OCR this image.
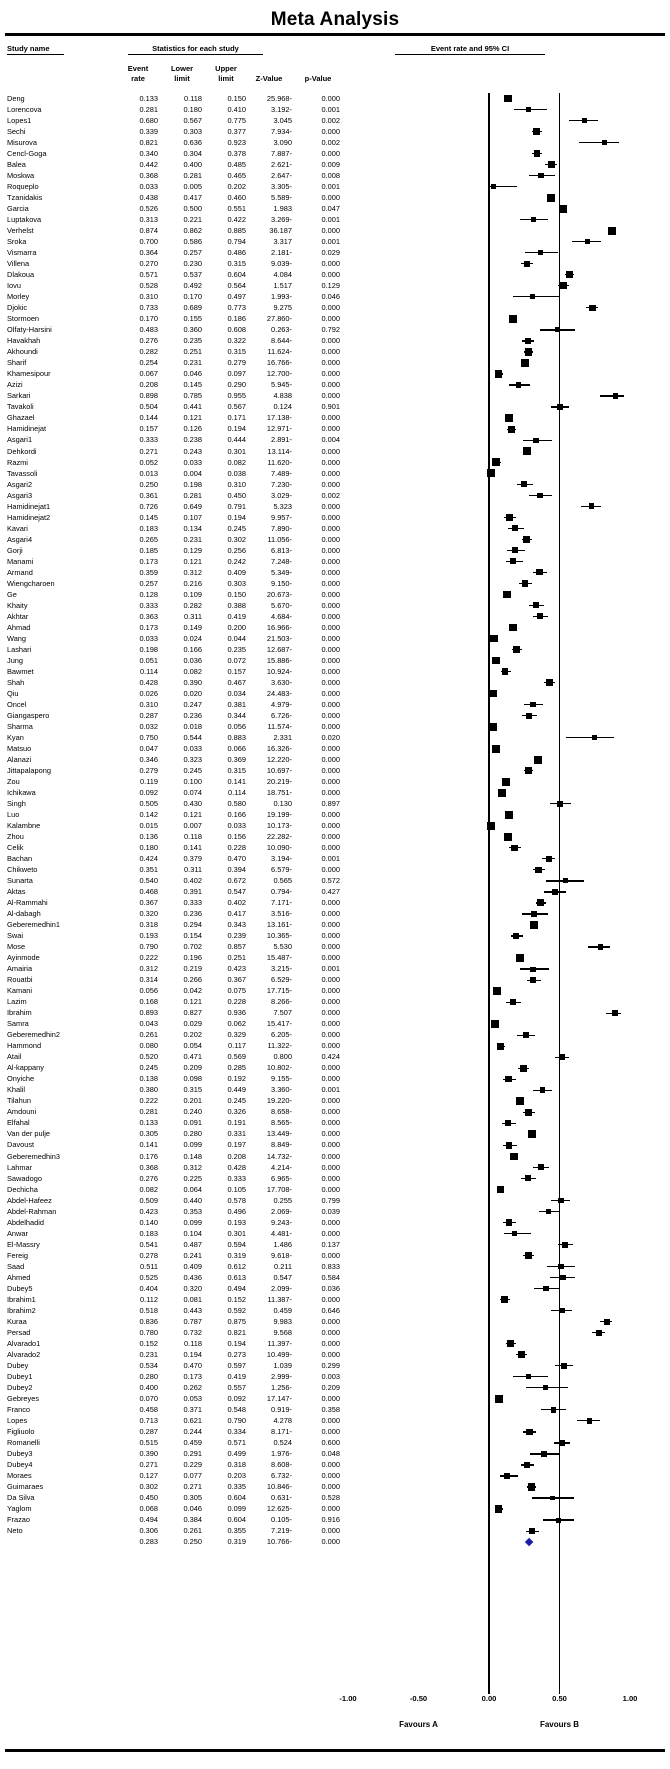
Meta Analysis
Study name	Statistics for each study	Event rate and 95% CI
Event
rate
Lower
limit
Upper
limit	Z-Value	p-Value
Deng	0.133	0.118	0.150	25.968-	0.000
Lorencova	0.281	0.180	0.410	3.192-	0.001
Lopes1	0.680	0.567	0.775	3.045	0.002
Sechi	0.339	0.303	0.377	7.934-	0.000
Misurova	0.821	0.636	0.923	3.090	0.002
Cencl-Goga	0.340	0.304	0.378	7.887-	0.000
Balea	0.442	0.400	0.485	2.621-	0.009
Moskwa	0.368	0.281	0.465	2.647-	0.008
Roqueplo	0.033	0.005	0.202	3.305-	0.001
Tzanidakis	0.438	0.417	0.460	5.589-	0.000
Garcia	0.526	0.500	0.551	1.983	0.047
Luptakova	0.313	0.221	0.422	3.269-	0.001
Verhelst	0.874	0.862	0.885	36.187	0.000
Sroka	0.700	0.586	0.794	3.317	0.001
Vismarra	0.364	0.257	0.486	2.181-	0.029
Villena	0.270	0.230	0.315	9.039-	0.000
Dlakoua	0.571	0.537	0.604	4.084	0.000
Iovu	0.528	0.492	0.564	1.517	0.129
Morley	0.310	0.170	0.497	1.993-	0.046
Djokic	0.733	0.689	0.773	9.275	0.000
Stormoen	0.170	0.155	0.186	27.860-	0.000
Olfaty-Harsini	0.483	0.360	0.608	0.263-	0.792
Havakhah	0.276	0.235	0.322	8.644-	0.000
Akhoundi	0.282	0.251	0.315	11.624-	0.000
Sharif	0.254	0.231	0.279	16.766-	0.000
Khamesipour	0.067	0.046	0.097	12.700-	0.000
Azizi	0.208	0.145	0.290	5.945-	0.000
Sarkari	0.898	0.785	0.955	4.838	0.000
Tavakoli	0.504	0.441	0.567	0.124	0.901
Ghazael	0.144	0.121	0.171	17.138-	0.000
Hamidinejat	0.157	0.126	0.194	12.971-	0.000
Asgari1	0.333	0.238	0.444	2.891-	0.004
Dehkordi	0.271	0.243	0.301	13.114-	0.000
Razmi	0.052	0.033	0.082	11.620-	0.000
Tavassoli	0.013	0.004	0.038	7.489-	0.000
Asgari2	0.250	0.198	0.310	7.230-	0.000
Asgari3	0.361	0.281	0.450	3.029-	0.002
Hamidinejat1	0.726	0.649	0.791	5.323	0.000
Hamidinejat2	0.145	0.107	0.194	9.957-	0.000
Kavari	0.183	0.134	0.245	7.890-	0.000
Asgari4	0.265	0.231	0.302	11.056-	0.000
Gorji	0.185	0.129	0.256	6.813-	0.000
Manami	0.173	0.121	0.242	7.248-	0.000
Armand	0.359	0.312	0.409	5.349-	0.000
Wiengcharoen	0.257	0.216	0.303	9.150-	0.000
Ge	0.128	0.109	0.150	20.673-	0.000
Khaity	0.333	0.282	0.388	5.670-	0.000
Akhtar	0.363	0.311	0.419	4.684-	0.000
Ahmad	0.173	0.149	0.200	16.966-	0.000
Wang	0.033	0.024	0.044	21.503-	0.000
Lashari	0.198	0.166	0.235	12.687-	0.000
Jung	0.051	0.036	0.072	15.886-	0.000
Bawmet	0.114	0.082	0.157	10.924-	0.000
Shah	0.428	0.390	0.467	3.630-	0.000
Qiu	0.026	0.020	0.034	24.483-	0.000
Oncel	0.310	0.247	0.381	4.979-	0.000
Giangaspero	0.287	0.236	0.344	6.726-	0.000
Sharma	0.032	0.018	0.056	11.574-	0.000
Kyan	0.750	0.544	0.883	2.331	0.020
Matsuo	0.047	0.033	0.066	16.326-	0.000
Alanazi	0.346	0.323	0.369	12.220-	0.000
Jittapalapong	0.279	0.245	0.315	10.697-	0.000
Zou	0.119	0.100	0.141	20.219-	0.000
Ichikawa	0.092	0.074	0.114	18.751-	0.000
Singh	0.505	0.430	0.580	0.130	0.897
Luo	0.142	0.121	0.166	19.199-	0.000
Kalambne	0.015	0.007	0.033	10.173-	0.000
Zhou	0.136	0.118	0.156	22.282-	0.000
Celik	0.180	0.141	0.228	10.090-	0.000
Bachan	0.424	0.379	0.470	3.194-	0.001
Chikweto	0.351	0.311	0.394	6.579-	0.000
Sunarta	0.540	0.402	0.672	0.565	0.572
Aktas	0.468	0.391	0.547	0.794-	0.427
Al-Rammahi	0.367	0.333	0.402	7.171-	0.000
Al-dabagh	0.320	0.236	0.417	3.516-	0.000
Geberemedhin1	0.318	0.294	0.343	13.161-	0.000
Swai	0.193	0.154	0.239	10.365-	0.000
Mose	0.790	0.702	0.857	5.530	0.000
Ayinmode	0.222	0.196	0.251	15.487-	0.000
Amairia	0.312	0.219	0.423	3.215-	0.001
Rouatbi	0.314	0.266	0.367	6.529-	0.000
Kamani	0.056	0.042	0.075	17.715-	0.000
Lazim	0.168	0.121	0.228	8.266-	0.000
Ibrahim	0.893	0.827	0.936	7.507	0.000
Samra	0.043	0.029	0.062	15.417-	0.000
Geberemedhin2	0.261	0.202	0.329	6.205-	0.000
Hammond	0.080	0.054	0.117	11.322-	0.000
Atail	0.520	0.471	0.569	0.800	0.424
Al-kappany	0.245	0.209	0.285	10.802-	0.000
Onyiche	0.138	0.098	0.192	9.155-	0.000
Khalil	0.380	0.315	0.449	3.360-	0.001
Tilahun	0.222	0.201	0.245	19.220-	0.000
Amdouni	0.281	0.240	0.326	8.658-	0.000
Elfahal	0.133	0.091	0.191	8.565-	0.000
Van der pulje	0.305	0.280	0.331	13.449-	0.000
Davoust	0.141	0.099	0.197	8.849-	0.000
Geberemedhin3	0.176	0.148	0.208	14.732-	0.000
Lahmar	0.368	0.312	0.428	4.214-	0.000
Sawadogo	0.276	0.225	0.333	6.965-	0.000
Dechicha	0.082	0.064	0.105	17.708-	0.000
Abdel-Hafeez	0.509	0.440	0.578	0.255	0.799
Abdel-Rahman	0.423	0.353	0.496	2.069-	0.039
Abdelhadid	0.140	0.099	0.193	9.243-	0.000
Anwar	0.183	0.104	0.301	4.481-	0.000
El-Massry	0.541	0.487	0.594	1.486	0.137
Fereig	0.278	0.241	0.319	9.618-	0.000
Saad	0.511	0.409	0.612	0.211	0.833
Ahmed	0.525	0.436	0.613	0.547	0.584
Dubey5	0.404	0.320	0.494	2.099-	0.036
Ibrahim1	0.112	0.081	0.152	11.387-	0.000
Ibrahim2	0.518	0.443	0.592	0.459	0.646
Kuraa	0.836	0.787	0.875	9.983	0.000
Persad	0.780	0.732	0.821	9.568	0.000
Alvarado1	0.152	0.118	0.194	11.397-	0.000
Alvarado2	0.231	0.194	0.273	10.499-	0.000
Dubey	0.534	0.470	0.597	1.039	0.299
Dubey1	0.280	0.173	0.419	2.999-	0.003
Dubey2	0.400	0.262	0.557	1.256-	0.209
Gebreyes	0.070	0.053	0.092	17.147-	0.000
Franco	0.458	0.371	0.548	0.919-	0.358
Lopes	0.713	0.621	0.790	4.278	0.000
Figliuolo	0.287	0.244	0.334	8.171-	0.000
Romanelli	0.515	0.459	0.571	0.524	0.600
Dubey3	0.390	0.291	0.499	1.976-	0.048
Dubey4	0.271	0.229	0.318	8.608-	0.000
Moraes	0.127	0.077	0.203	6.732-	0.000
Guimaraes	0.302	0.271	0.335	10.846-	0.000
Da Silva	0.450	0.305	0.604	0.631-	0.528
Yaglom	0.068	0.046	0.099	12.625-	0.000
Frazao	0.494	0.384	0.604	0.105-	0.916
Neto	0.306	0.261	0.355	7.219-	0.000
0.283	0.250	0.319	10.766-	0.000
-1.00	-0.50	0.00	0.50	1.00
Favours A	Favours B
